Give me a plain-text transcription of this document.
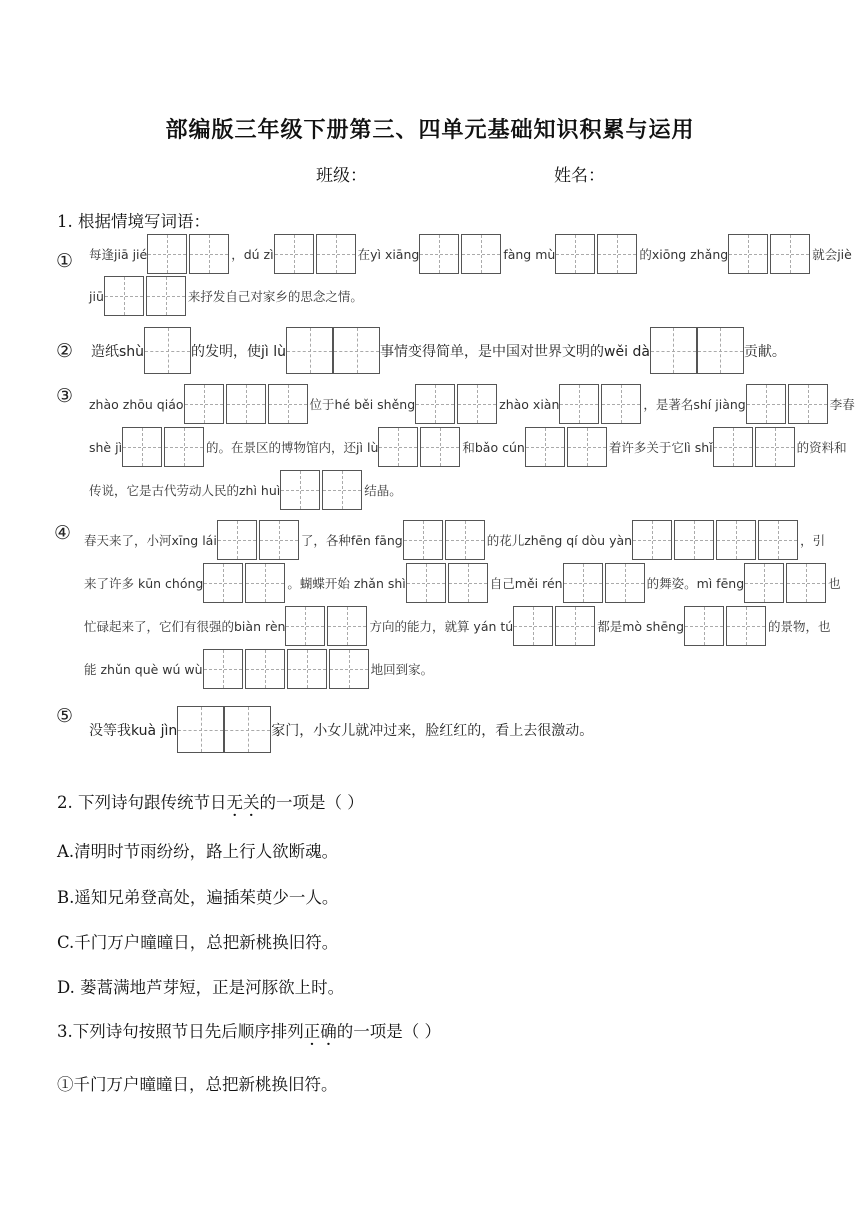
部编版三年级下册第三、四单元基础知识积累与运用
班级：	姓名：
1. 根据情境写词语：
① 每逢jiā jié	，dú zì	在yì xiāng	fàng mù	的xiōng zhǎng	就会jiè
jiū	来抒发自己对家乡的思念之情。
② 造纸shù	的发明，使jì lù	事情变得简单，是中国对世界文明的wěi dà	贡献。
③ zhào zhōu qiáo	位于hé běi shěng	zhào xiàn	，是著名shí jiàng	李春
shè jì	的。在景区的博物馆内，还jì lù	和bǎo cún	着许多关于它lì shǐ	的资料和
传说，它是古代劳动人民的zhì huì	结晶。
④ 春天来了，小河xīng lái	了，各种fēn fāng	的花儿zhēng qí dòu yàn	，引
来了许多 kūn chóng	。蝴蝶开始 zhǎn shì	自己měi rén	的舞姿。mì fēng	也
忙碌起来了，它们有很强的biàn rèn	方向的能力，就算 yán tú	都是mò shēng	的景物，也
能 zhǔn què wú wù	地回到家。
⑤
没等我kuà jìn	家门，小女儿就冲过来，脸红红的，看上去很激动。
2. 下列诗句跟传统节日无关的一项是（ ）
A.清明时节雨纷纷，路上行人欲断魂。
B.遥知兄弟登高处，遍插茱萸少一人。
C.千门万户曈曈日，总把新桃换旧符。
D. 蒌蒿满地芦芽短，正是河豚欲上时。
3.下列诗句按照节日先后顺序排列正确的一项是（ ）
①千门万户曈曈日，总把新桃换旧符。
